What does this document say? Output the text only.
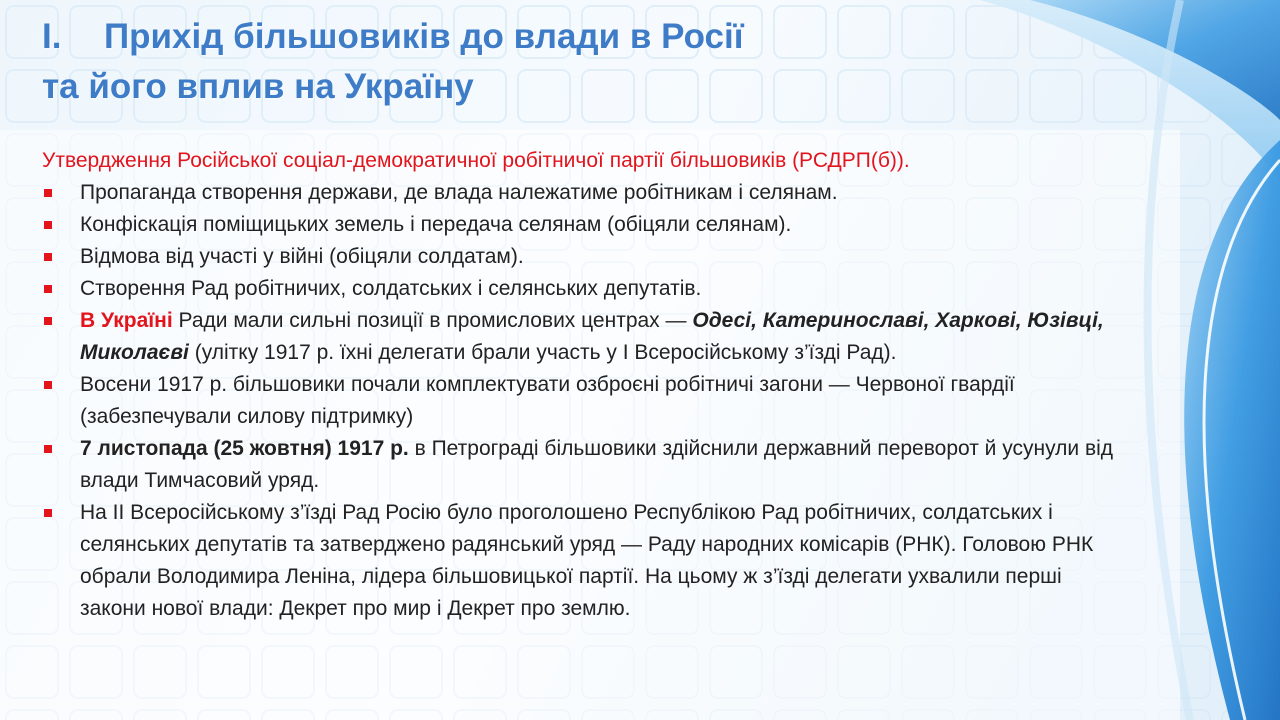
I. Прихід більшовиків до влади в Росії
та його вплив на Україну

Утвердження Російської соціал-демократичної робітничої партії більшовиків (РСДРП(б)).

Пропаганда створення держави, де влада належатиме робітникам і селянам.
Конфіскація поміщицьких земель і передача селянам (обіцяли селянам).
Відмова від участі у війні (обіцяли солдатам).
Створення Рад робітничих, солдатських і селянських депутатів.
В Україні Ради мали сильні позиції в промислових центрах — Одесі, Катеринославі, Харкові, Юзівці, Миколаєві (улітку 1917 р. їхні делегати брали участь у І Всеросійському з’їзді Рад).
Восени 1917 р. більшовики почали комплектувати озброєні робітничі загони — Червоної гвардії (забезпечували силову підтримку)
7 листопада (25 жовтня) 1917 р. в Петрограді більшовики здійснили державний переворот й усунули від влади Тимчасовий уряд.
На ІІ Всеросійському з’їзді Рад Росію було проголошено Республікою Рад робітничих, солдатських і селянських депутатів та затверджено радянський уряд — Раду народних комісарів (РНК). Головою РНК обрали Володимира Леніна, лідера більшовицької партії. На цьому ж з’їзді делегати ухвалили перші закони нової влади: Декрет про мир і Декрет про землю.
